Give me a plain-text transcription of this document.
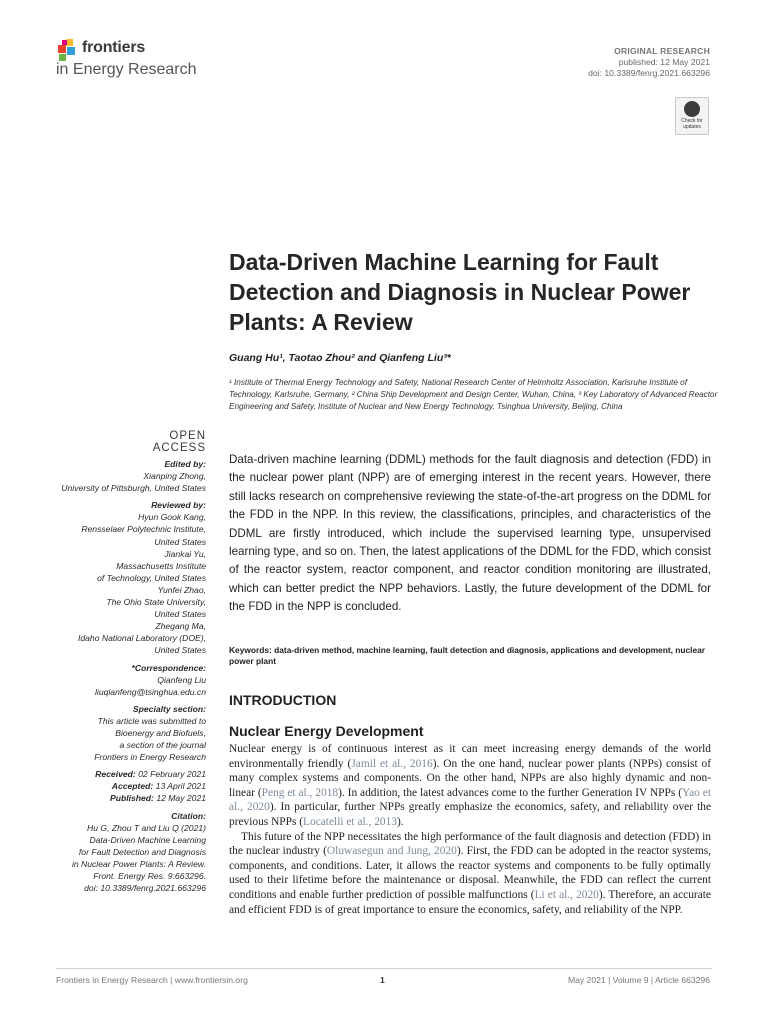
frontiers
in Energy Research
ORIGINAL RESEARCH
published: 12 May 2021
doi: 10.3389/fenrg.2021.663296
Check for updates
Data-Driven Machine Learning for Fault Detection and Diagnosis in Nuclear Power Plants: A Review
Guang Hu¹, Taotao Zhou² and Qianfeng Liu³*
¹ Institute of Thermal Energy Technology and Safety, National Research Center of Helmholtz Association, Karlsruhe Institute of Technology, Karlsruhe, Germany, ² China Ship Development and Design Center, Wuhan, China, ³ Key Laboratory of Advanced Reactor Engineering and Safety, Institute of Nuclear and New Energy Technology, Tsinghua University, Beijing, China
OPEN ACCESS
Edited by:
Xianping Zhong,
University of Pittsburgh, United States
Reviewed by:
Hyun Gook Kang,
Rensselaer Polytechnic Institute,
United States
Jiankai Yu,
Massachusetts Institute
of Technology, United States
Yunfei Zhao,
The Ohio State University,
United States
Zhegang Ma,
Idaho National Laboratory (DOE),
United States
*Correspondence:
Qianfeng Liu
liuqianfeng@tsinghua.edu.cn
Specialty section:
This article was submitted to
Bioenergy and Biofuels,
a section of the journal
Frontiers in Energy Research
Received: 02 February 2021
Accepted: 13 April 2021
Published: 12 May 2021
Citation:
Hu G, Zhou T and Liu Q (2021)
Data-Driven Machine Learning
for Fault Detection and Diagnosis
in Nuclear Power Plants: A Review.
Front. Energy Res. 9:663296.
doi: 10.3389/fenrg.2021.663296
Data-driven machine learning (DDML) methods for the fault diagnosis and detection (FDD) in the nuclear power plant (NPP) are of emerging interest in the recent years. However, there still lacks research on comprehensive reviewing the state-of-the-art progress on the DDML for the FDD in the NPP. In this review, the classifications, principles, and characteristics of the DDML are firstly introduced, which include the supervised learning type, unsupervised learning type, and so on. Then, the latest applications of the DDML for the FDD, which consist of the reactor system, reactor component, and reactor condition monitoring are illustrated, which can better predict the NPP behaviors. Lastly, the future development of the DDML for the FDD in the NPP is concluded.
Keywords: data-driven method, machine learning, fault detection and diagnosis, applications and development, nuclear power plant
INTRODUCTION
Nuclear Energy Development

Nuclear energy is of continuous interest as it can meet increasing energy demands of the world environmentally friendly (Jamil et al., 2016). On the one hand, nuclear power plants (NPPs) consist of many complex systems and components. On the other hand, NPPs are also highly dynamic and non-linear (Peng et al., 2018). In addition, the latest advances come to the further Generation IV NPPs (Yao et al., 2020). In particular, further NPPs greatly emphasize the economics, safety, and reliability over the previous NPPs (Locatelli et al., 2013).

This future of the NPP necessitates the high performance of the fault diagnosis and detection (FDD) in the nuclear industry (Oluwasegun and Jung, 2020). First, the FDD can be adopted in the reactor systems, components, and conditions. Later, it allows the reactor systems and components to be fully optimally used to their lifetime before the maintenance or disposal. Meanwhile, the FDD can reflect the current conditions and enable further prediction of possible malfunctions (Li et al., 2020). Therefore, an accurate and efficient FDD is of great importance to ensure the economics, safety, and reliability of the NPP.

Frontiers in Energy Research | www.frontiersin.org	1	May 2021 | Volume 9 | Article 663296
